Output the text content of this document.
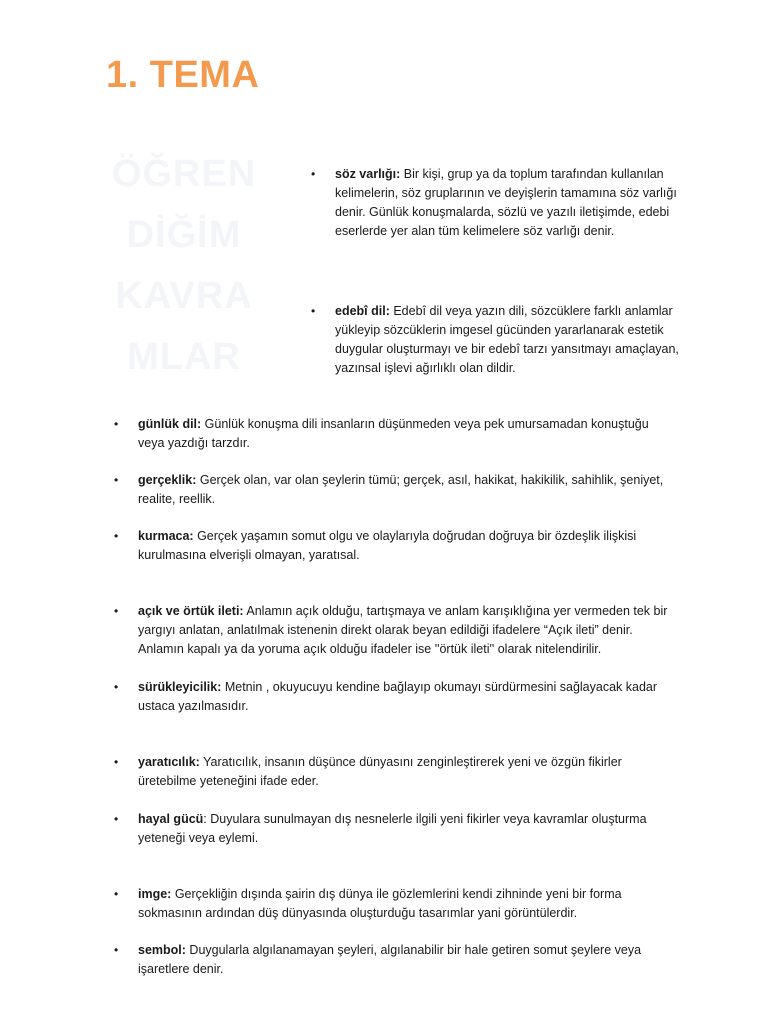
1. TEMA
ÖĞREN
DİĞİM
KAVRA
MLAR
• söz varlığı: Bir kişi, grup ya da toplum tarafından kullanılan kelimelerin, söz gruplarının ve deyişlerin tamamına söz varlığı denir. Günlük konuşmalarda, sözlü ve yazılı iletişimde, edebi eserlerde yer alan tüm kelimelere söz varlığı denir.
• edebî dil: Edebî dil veya yazın dili, sözcüklere farklı anlamlar yükleyip sözcüklerin imgesel gücünden yararlanarak estetik duygular oluşturmayı ve bir edebî tarzı yansıtmayı amaçlayan, yazınsal işlevi ağırlıklı olan dildir.
• günlük dil: Günlük konuşma dili insanların düşünmeden veya pek umursamadan konuştuğu veya yazdığı tarzdır.
• gerçeklik: Gerçek olan, var olan şeylerin tümü; gerçek, asıl, hakikat, hakikilik, sahihlik, şeniyet, realite, reellik.
• kurmaca: Gerçek yaşamın somut olgu ve olaylarıyla doğrudan doğruya bir özdeşlik ilişkisi kurulmasına elverişli olmayan, yaratısal.
• açık ve örtük ileti: Anlamın açık olduğu, tartışmaya ve anlam karışıklığına yer vermeden tek bir yargıyı anlatan, anlatılmak istenenin direkt olarak beyan edildiği ifadelere “Açık ileti” denir. Anlamın kapalı ya da yoruma açık olduğu ifadeler ise ''örtük ileti'' olarak nitelendirilir.
• sürükleyicilik: Metnin , okuyucuyu kendine bağlayıp okumayı sürdürmesini sağlayacak kadar ustaca yazılmasıdır.
• yaratıcılık: Yaratıcılık, insanın düşünce dünyasını zenginleştirerek yeni ve özgün fikirler üretebilme yeteneğini ifade eder.
• hayal gücü: Duyulara sunulmayan dış nesnelerle ilgili yeni fikirler veya kavramlar oluşturma yeteneği veya eylemi.
• imge: Gerçekliğin dışında şairin dış dünya ile gözlemlerini kendi zihninde yeni bir forma sokmasının ardından düş dünyasında oluşturduğu tasarımlar yani görüntülerdir.
• sembol: Duygularla algılanamayan şeyleri, algılanabilir bir hale getiren somut şeylere veya işaretlere denir.
